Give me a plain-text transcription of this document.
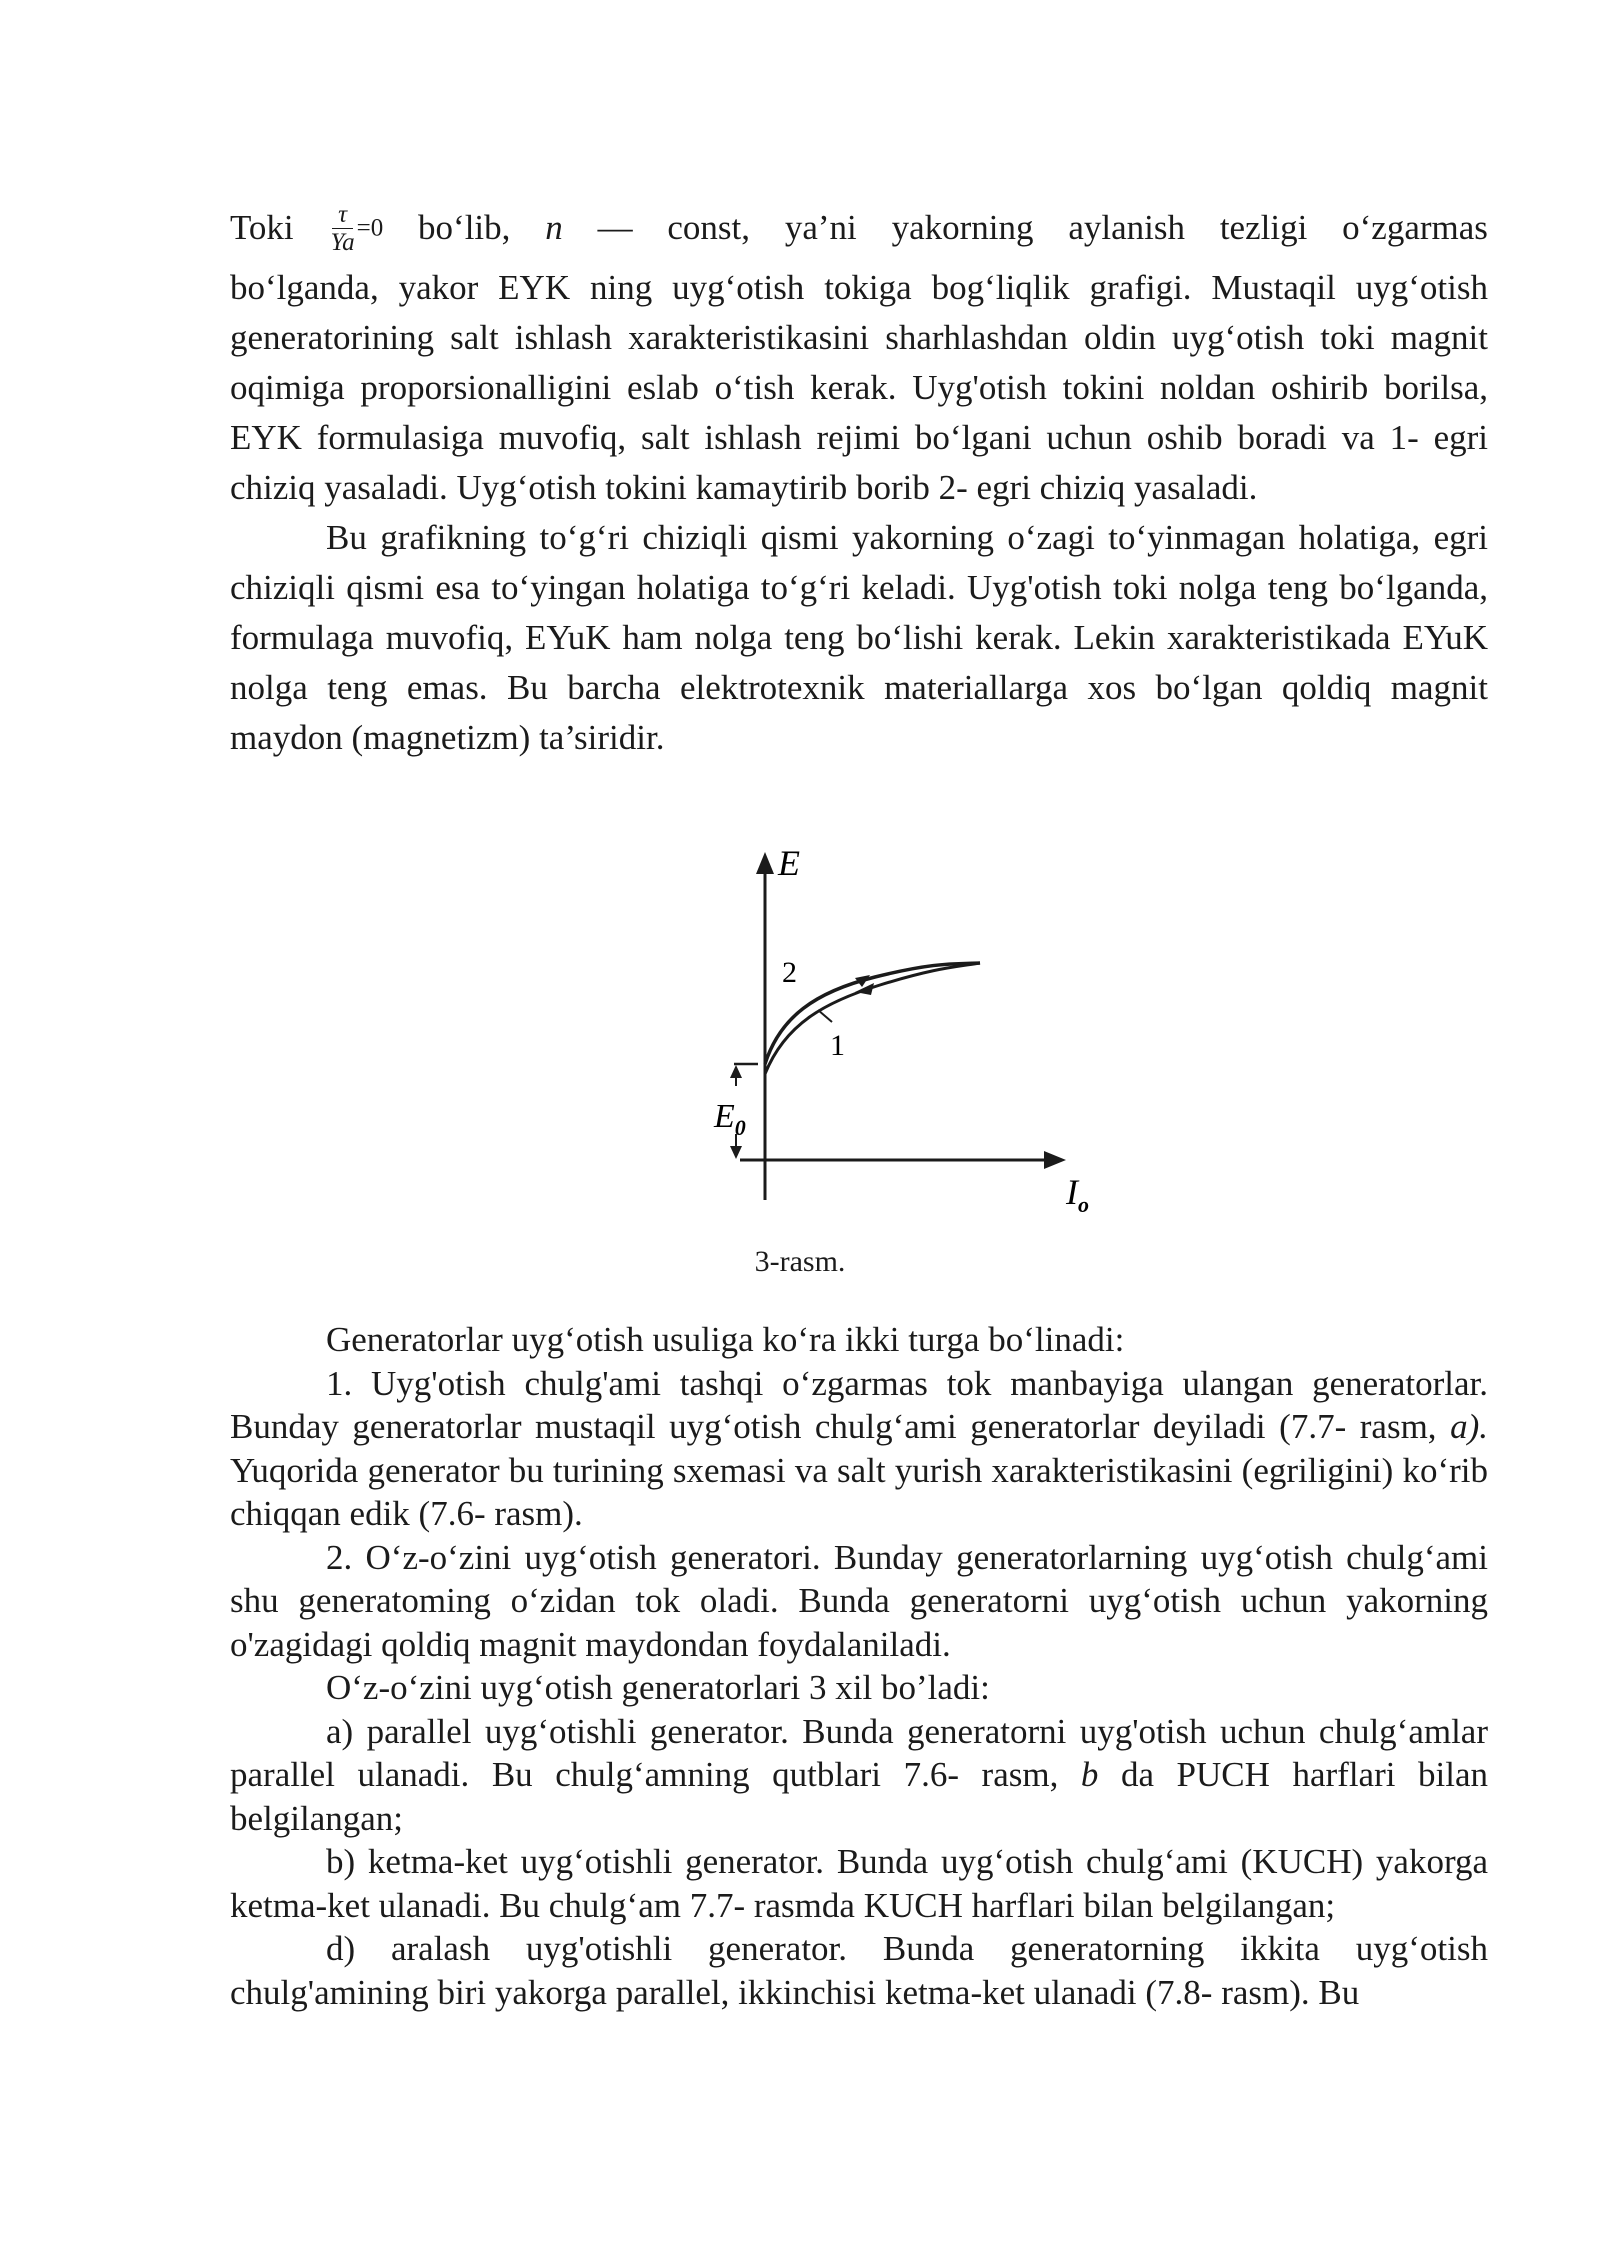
Toki $\frac{\tau}{Ya} =0$ bo‘lib, n — const, ya’ni yakorning aylanish tezligi o‘zgarmas

bo‘lganda, yakor EYK ning uyg‘otish tokiga bog‘liqlik grafigi. Mustaqil uyg‘otish generatorining salt ishlash xarakteristikasini sharhlashdan oldin uyg‘otish toki magnit oqimiga proporsionalligini eslab o‘tish kerak. Uyg'otish tokini noldan oshirib borilsa, EYK formulasiga muvofiq, salt ishlash rejimi bo‘lgani uchun oshib boradi va 1- egri chiziq yasaladi. Uyg‘otish tokini kamaytirib borib 2- egri chiziq yasaladi.

Bu grafikning to‘g‘ri chiziqli qismi yakorning o‘zagi to‘yinmagan holatiga, egri chiziqli qismi esa to‘yingan holatiga to‘g‘ri keladi. Uyg'otish toki nolga teng bo‘lganda, formulaga muvofiq, EYuK ham nolga teng bo‘lishi kerak. Lekin xarakteristikada EYuK nolga teng emas. Bu barcha elektrotexnik materiallarga xos bo‘lgan qoldiq magnit maydon (magnetizm) ta’siridir.

E
$I_o$
$E_0$
2
1
3-rasm.

Generatorlar uyg‘otish usuliga ko‘ra ikki turga bo‘linadi:

1. Uyg'otish chulg'ami tashqi o‘zgarmas tok manbayiga ulangan generatorlar. Bunday generatorlar mustaqil uyg‘otish chulg‘ami generatorlar deyiladi (7.7- rasm, a). Yuqorida generator bu turining sxemasi va salt yurish xarakteristikasini (egriligini) ko‘rib chiqqan edik (7.6- rasm).

2. O‘z-o‘zini uyg‘otish generatori. Bunday generatorlarning uyg‘otish chulg‘ami shu generatoming o‘zidan tok oladi. Bunda generatorni uyg‘otish uchun yakorning o'zagidagi qoldiq magnit maydondan foydalaniladi.

O‘z-o‘zini uyg‘otish generatorlari 3 xil bo’ladi:

a) parallel uyg‘otishli generator. Bunda generatorni uyg'otish uchun chulg‘amlar parallel ulanadi. Bu chulg‘amning qutblari 7.6- rasm, b da PUCH harflari bilan belgilangan;

b) ketma-ket uyg‘otishli generator. Bunda uyg‘otish chulg‘ami (KUCH) yakorga ketma-ket ulanadi. Bu chulg‘am 7.7- rasmda KUCH harflari bilan belgilangan;

d) aralash uyg'otishli generator. Bunda generatorning ikkita uyg‘otish chulg'amining biri yakorga parallel, ikkinchisi ketma-ket ulanadi (7.8- rasm). Bu
